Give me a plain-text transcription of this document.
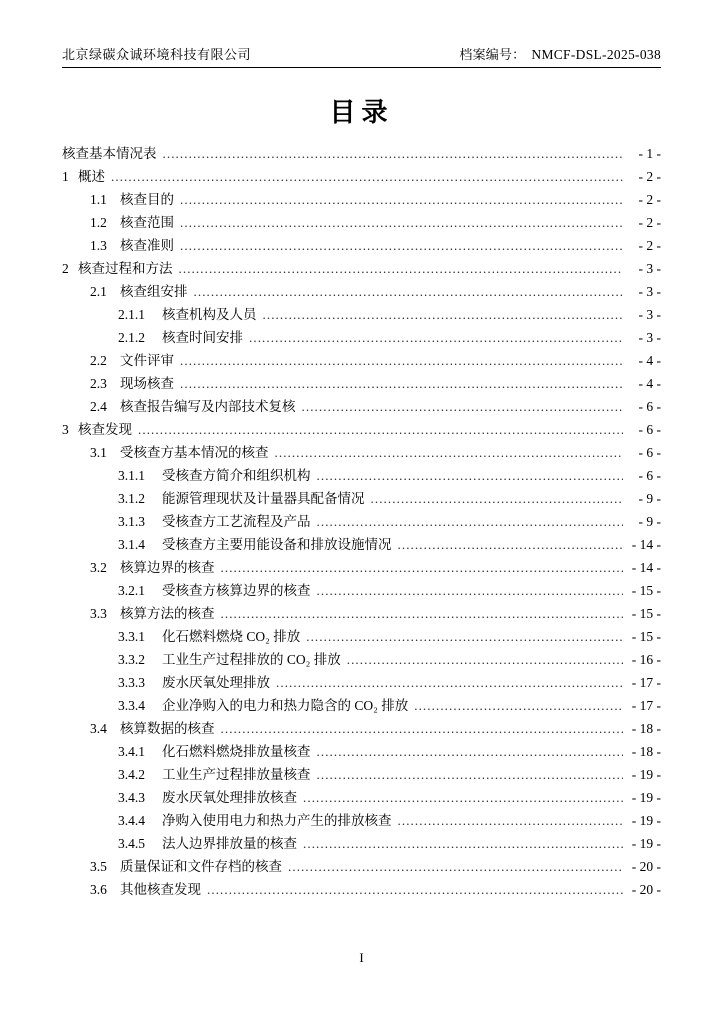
北京绿碳众诚环境科技有限公司	档案编号： NMCF-DSL-2025-038
目录
核查基本情况表 .....	- 1 -
1 概述 .....	- 2 -
1.1 核查目的 .....	- 2 -
1.2 核查范围 .....	- 2 -
1.3 核查准则 .....	- 2 -
2 核查过程和方法 .....	- 3 -
2.1 核查组安排 .....	- 3 -
2.1.1	核查机构及人员 .....	- 3 -
2.1.2	核查时间安排 .....	- 3 -
2.2 文件评审 .....	- 4 -
2.3 现场核查 .....	- 4 -
2.4 核查报告编写及内部技术复核 .....	- 6 -
3 核查发现 .....	- 6 -
3.1 受核查方基本情况的核查 .....	- 6 -
3.1.1	受核查方简介和组织机构 .....	- 6 -
3.1.2	能源管理现状及计量器具配备情况 .....	- 9 -
3.1.3	受核查方工艺流程及产品 .....	- 9 -
3.1.4	受核查方主要用能设备和排放设施情况 .....	- 14 -
3.2 核算边界的核查 .....	- 14 -
3.2.1	受核查方核算边界的核查 .....	- 15 -
3.3 核算方法的核查 .....	- 15 -
3.3.1	化石燃料燃烧 CO₂ 排放 .....	- 15 -
3.3.2	工业生产过程排放的 CO₂ 排放 .....	- 16 -
3.3.3	废水厌氧处理排放 .....	- 17 -
3.3.4	企业净购入的电力和热力隐含的 CO₂ 排放 .....	- 17 -
3.4 核算数据的核查 .....	- 18 -
3.4.1	化石燃料燃烧排放量核查 .....	- 18 -
3.4.2	工业生产过程排放量核查 .....	- 19 -
3.4.3	废水厌氧处理排放核查 .....	- 19 -
3.4.4	净购入使用电力和热力产生的排放核查 .....	- 19 -
3.4.5	法人边界排放量的核查 .....	- 19 -
3.5 质量保证和文件存档的核查 .....	- 20 -
3.6 其他核查发现 .....	- 20 -
I
